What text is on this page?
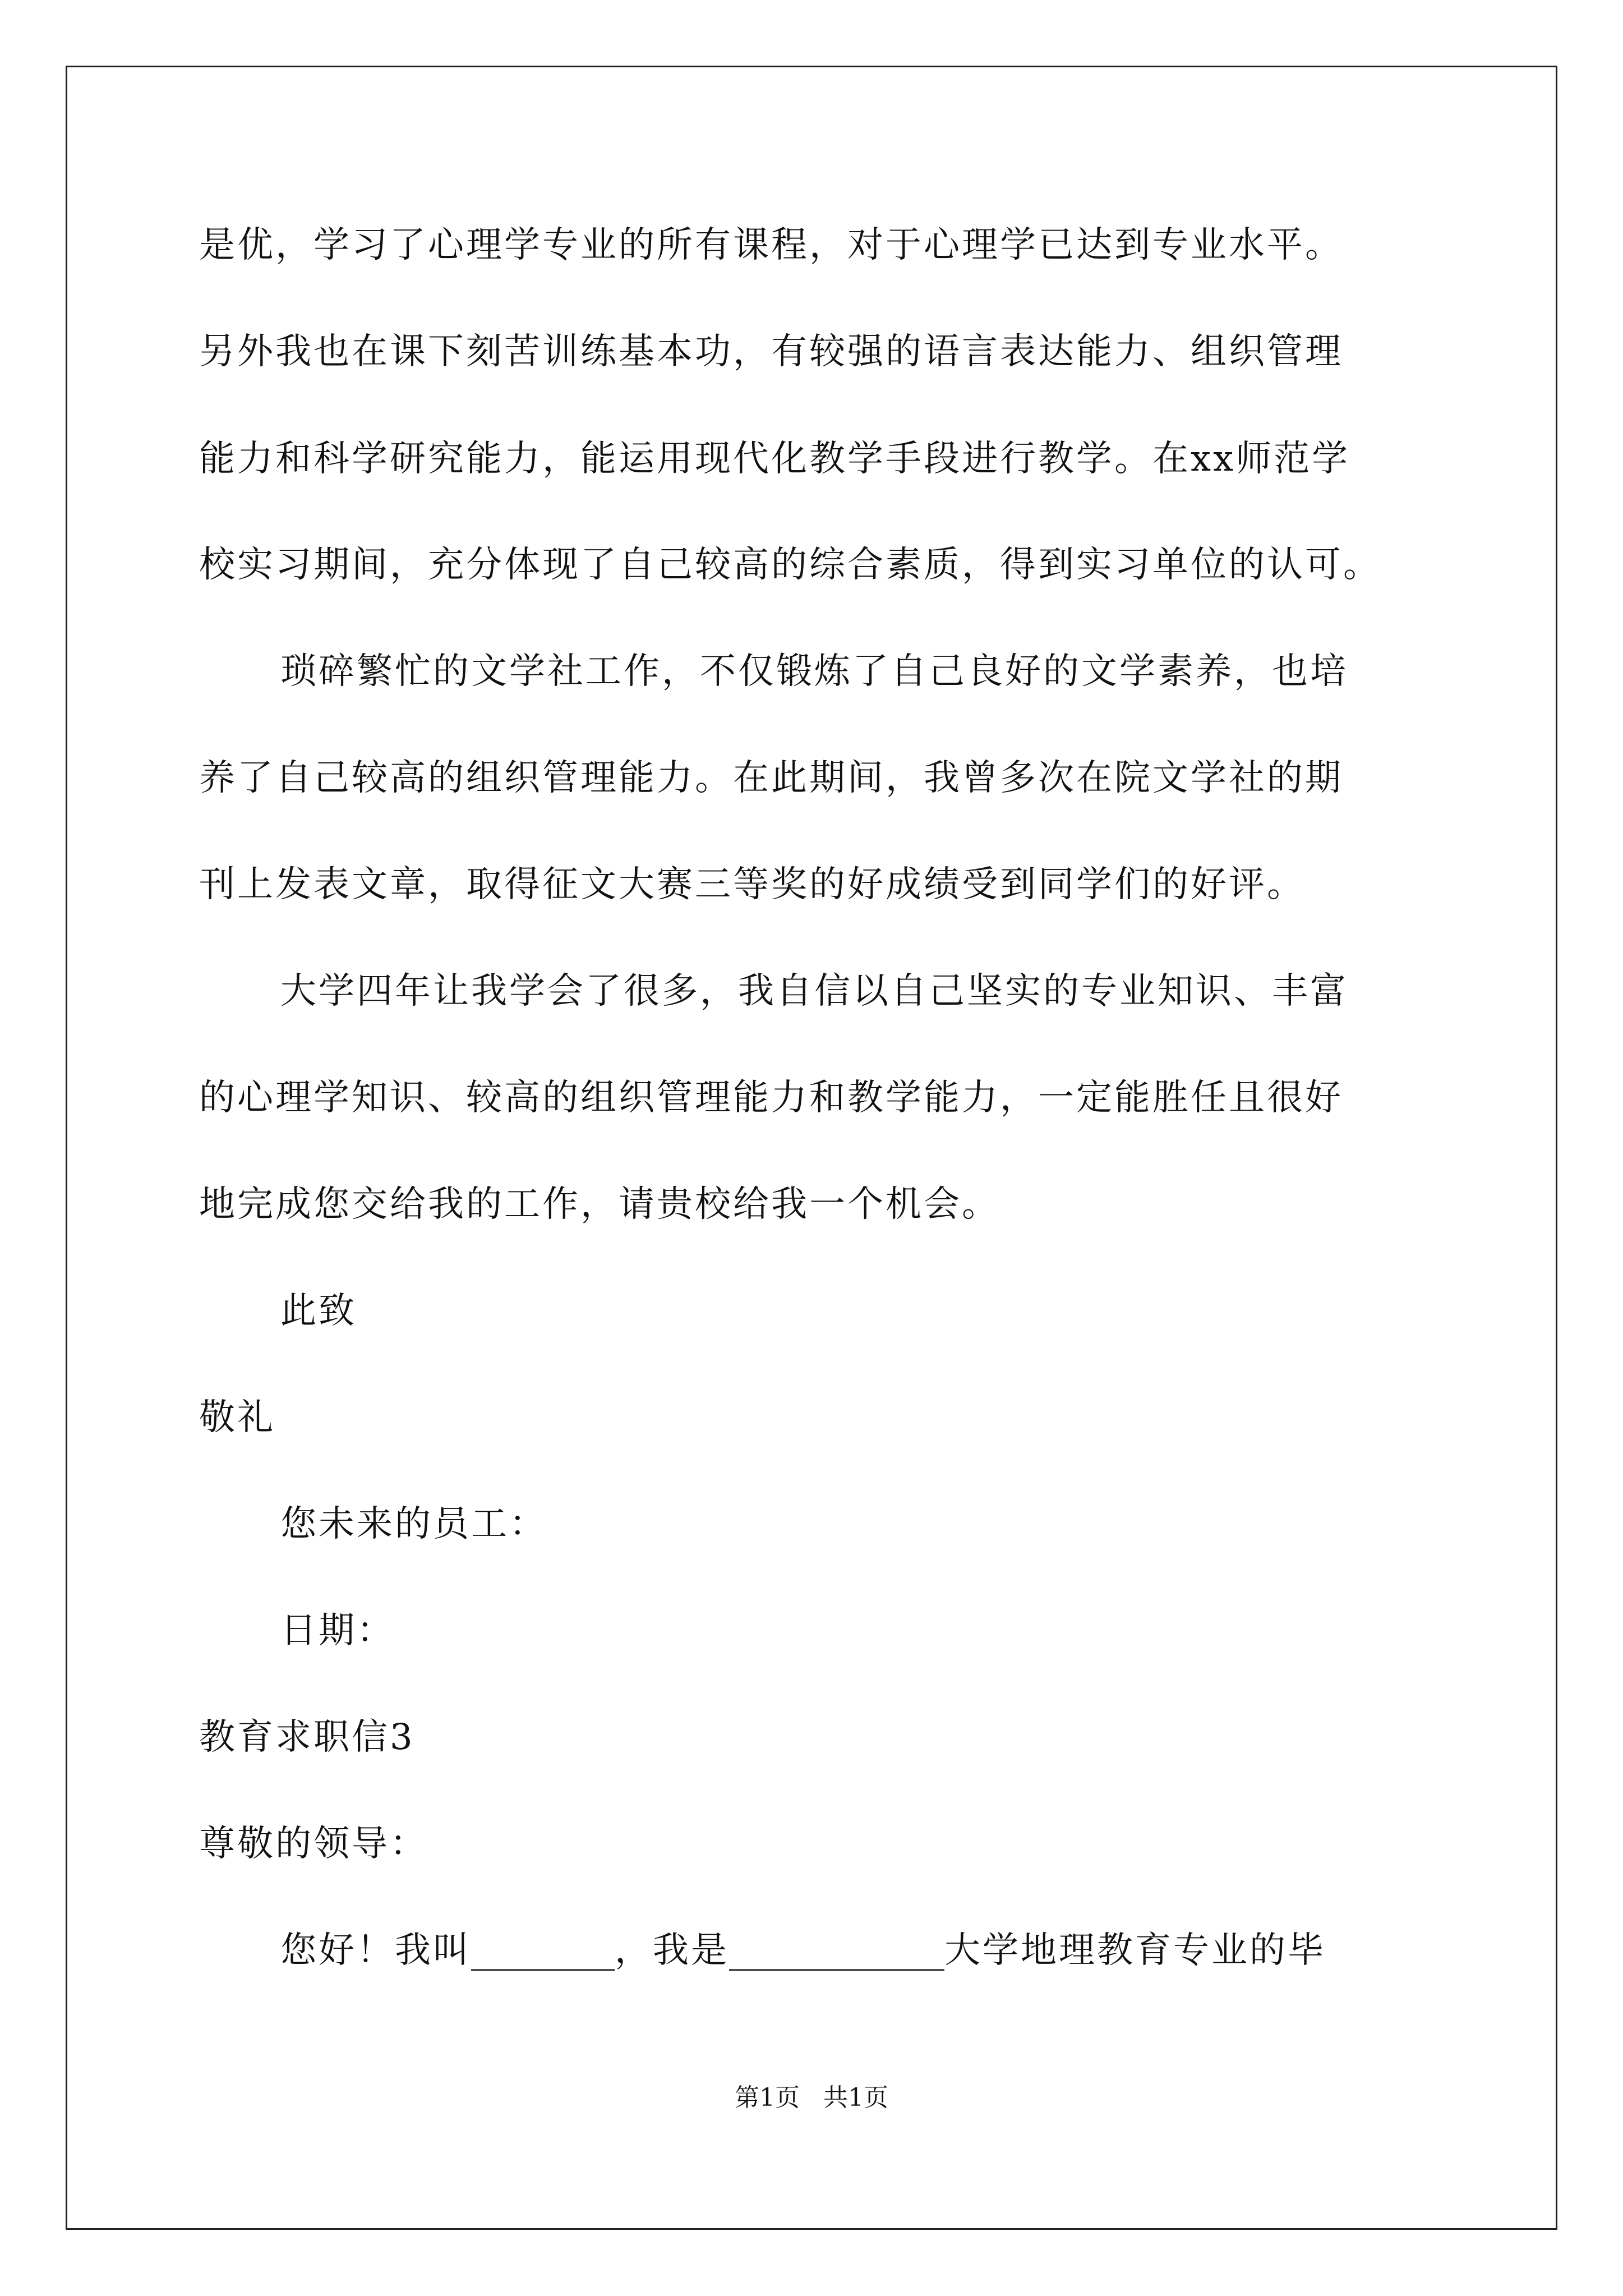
是优，学习了心理学专业的所有课程，对于心理学已达到专业水平。
另外我也在课下刻苦训练基本功，有较强的语言表达能力、组织管理
能力和科学研究能力，能运用现代化教学手段进行教学。在xx师范学
校实习期间，充分体现了自己较高的综合素质，得到实习单位的认可。
琐碎繁忙的文学社工作，不仅锻炼了自己良好的文学素养，也培
养了自己较高的组织管理能力。在此期间，我曾多次在院文学社的期
刊上发表文章，取得征文大赛三等奖的好成绩受到同学们的好评。
大学四年让我学会了很多，我自信以自己坚实的专业知识、丰富
的心理学知识、较高的组织管理能力和教学能力，一定能胜任且很好
地完成您交给我的工作，请贵校给我一个机会。
此致
敬礼
您未来的员工：
日期：
教育求职信3
尊敬的领导：
您好！我叫________，我是____________大学地理教育专业的毕
第1页   共1页
